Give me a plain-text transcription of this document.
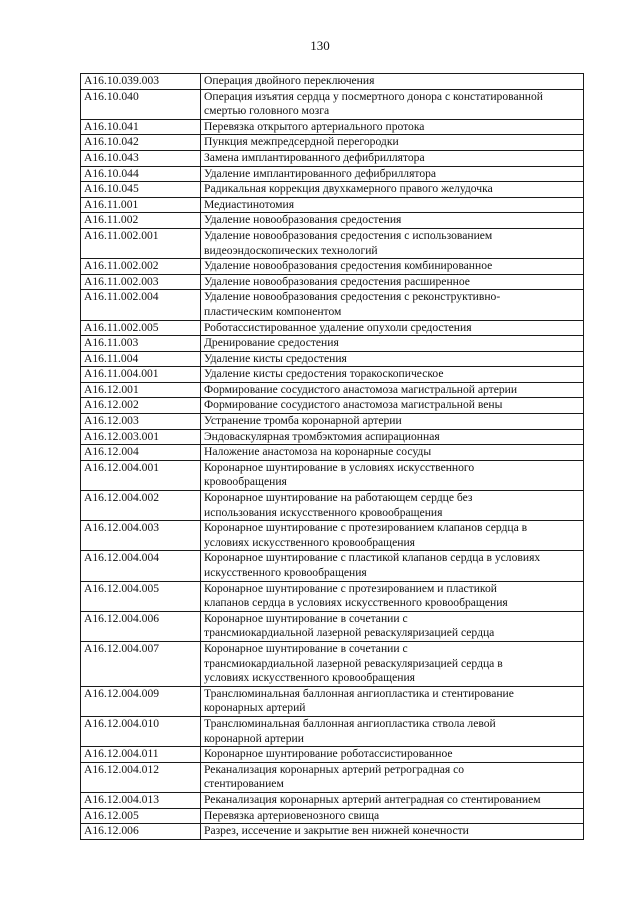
130
A16.10.039.003	Операция двойного переключения

A16.10.040	Операция изъятия сердца у посмертного донора с констатированной
смертью головного мозга

A16.10.041	Перевязка открытого артериального протока

A16.10.042	Пункция межпредсердной перегородки

A16.10.043	Замена имплантированного дефибриллятора

A16.10.044	Удаление имплантированного дефибриллятора

A16.10.045	Радикальная коррекция двухкамерного правого желудочка

A16.11.001	Медиастинотомия

A16.11.002	Удаление новообразования средостения

A16.11.002.001	Удаление новообразования средостения с использованием
видеоэндоскопических технологий

A16.11.002.002	Удаление новообразования средостения комбинированное

A16.11.002.003	Удаление новообразования средостения расширенное

A16.11.002.004	Удаление новообразования средостения с реконструктивно-
пластическим компонентом

A16.11.002.005	Роботассистированное удаление опухоли средостения

A16.11.003	Дренирование средостения

A16.11.004	Удаление кисты средостения

A16.11.004.001	Удаление кисты средостения торакоскопическое

A16.12.001	Формирование сосудистого анастомоза магистральной артерии

A16.12.002	Формирование сосудистого анастомоза магистральной вены

A16.12.003	Устранение тромба коронарной артерии

A16.12.003.001	Эндоваскулярная тромбэктомия аспирационная

A16.12.004	Наложение анастомоза на коронарные сосуды

A16.12.004.001	Коронарное шунтирование в условиях искусственного
кровообращения

A16.12.004.002	Коронарное шунтирование на работающем сердце без
использования искусственного кровообращения

A16.12.004.003	Коронарное шунтирование с протезированием клапанов сердца в
условиях искусственного кровообращения

A16.12.004.004	Коронарное шунтирование с пластикой клапанов сердца в условиях
искусственного кровообращения

A16.12.004.005	Коронарное шунтирование с протезированием и пластикой
клапанов сердца в условиях искусственного кровообращения

A16.12.004.006	Коронарное шунтирование в сочетании с
трансмиокардиальной лазерной реваскуляризацией сердца

A16.12.004.007	Коронарное шунтирование в сочетании с
трансмиокардиальной лазерной реваскуляризацией сердца в
условиях искусственного кровообращения

A16.12.004.009	Транслюминальная баллонная ангиопластика и стентирование
коронарных артерий

A16.12.004.010	Транслюминальная баллонная ангиопластика ствола левой
коронарной артерии

A16.12.004.011	Коронарное шунтирование роботассистированное

A16.12.004.012	Реканализация коронарных артерий ретроградная со
стентированием

A16.12.004.013	Реканализация коронарных артерий антеградная со стентированием

A16.12.005	Перевязка артериовенозного свища

A16.12.006	Разрез, иссечение и закрытие вен нижней конечности
